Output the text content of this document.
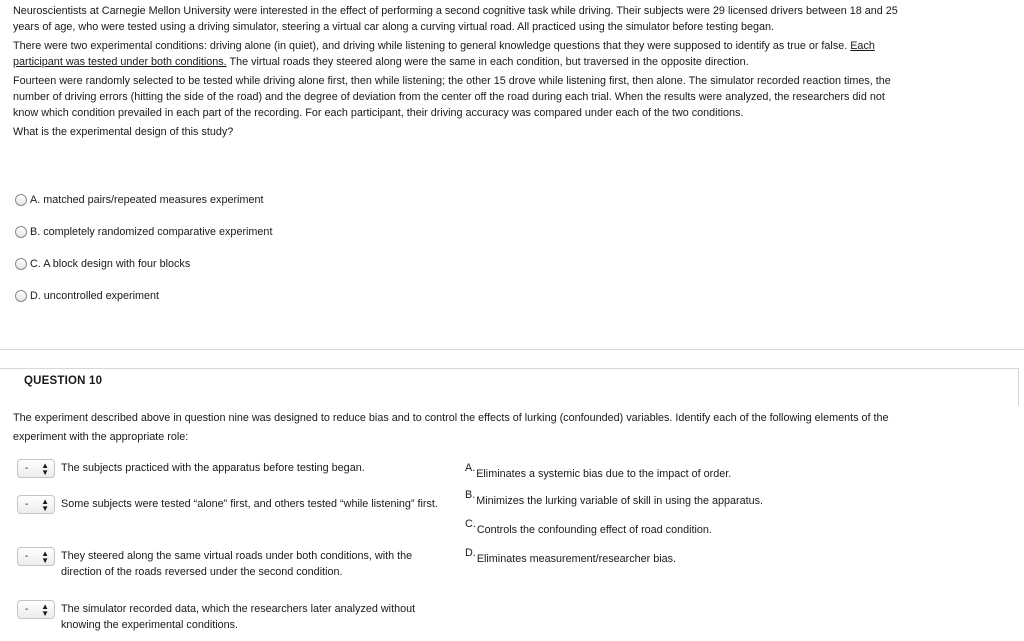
Neuroscientists at Carnegie Mellon University were interested in the effect of performing a second cognitive task while driving. Their subjects were 29 licensed drivers between 18 and 25 years of age, who were tested using a driving simulator, steering a virtual car along a curving virtual road. All practiced using the simulator before testing began.

There were two experimental conditions: driving alone (in quiet), and driving while listening to general knowledge questions that they were supposed to identify as true or false. Each participant was tested under both conditions. The virtual roads they steered along were the same in each condition, but traversed in the opposite direction.

Fourteen were randomly selected to be tested while driving alone first, then while listening; the other 15 drove while listening first, then alone. The simulator recorded reaction times, the number of driving errors (hitting the side of the road) and the degree of deviation from the center off the road during each trial. When the results were analyzed, the researchers did not know which condition prevailed in each part of the recording. For each participant, their driving accuracy was compared under each of the two conditions.

What is the experimental design of this study?

A. matched pairs/repeated measures experiment
B. completely randomized comparative experiment
C. A block design with four blocks
D. uncontrolled experiment
QUESTION 10
The experiment described above in question nine was designed to reduce bias and to control the effects of lurking (confounded) variables. Identify each of the following elements of the experiment with the appropriate role:
- ▲
▼ The subjects practiced with the apparatus before testing began.
- ▲
▼ Some subjects were tested “alone” first, and others tested “while listening” first.
- ▲
▼ They steered along the same virtual roads under both conditions, with the direction of the roads reversed under the second condition.
- ▲
▼ The simulator recorded data, which the researchers later analyzed without knowing the experimental conditions.
A. Eliminates a systemic bias due to the impact of order.
B. Minimizes the lurking variable of skill in using the apparatus.
C. Controls the confounding effect of road condition.
D. Eliminates measurement/researcher bias.
